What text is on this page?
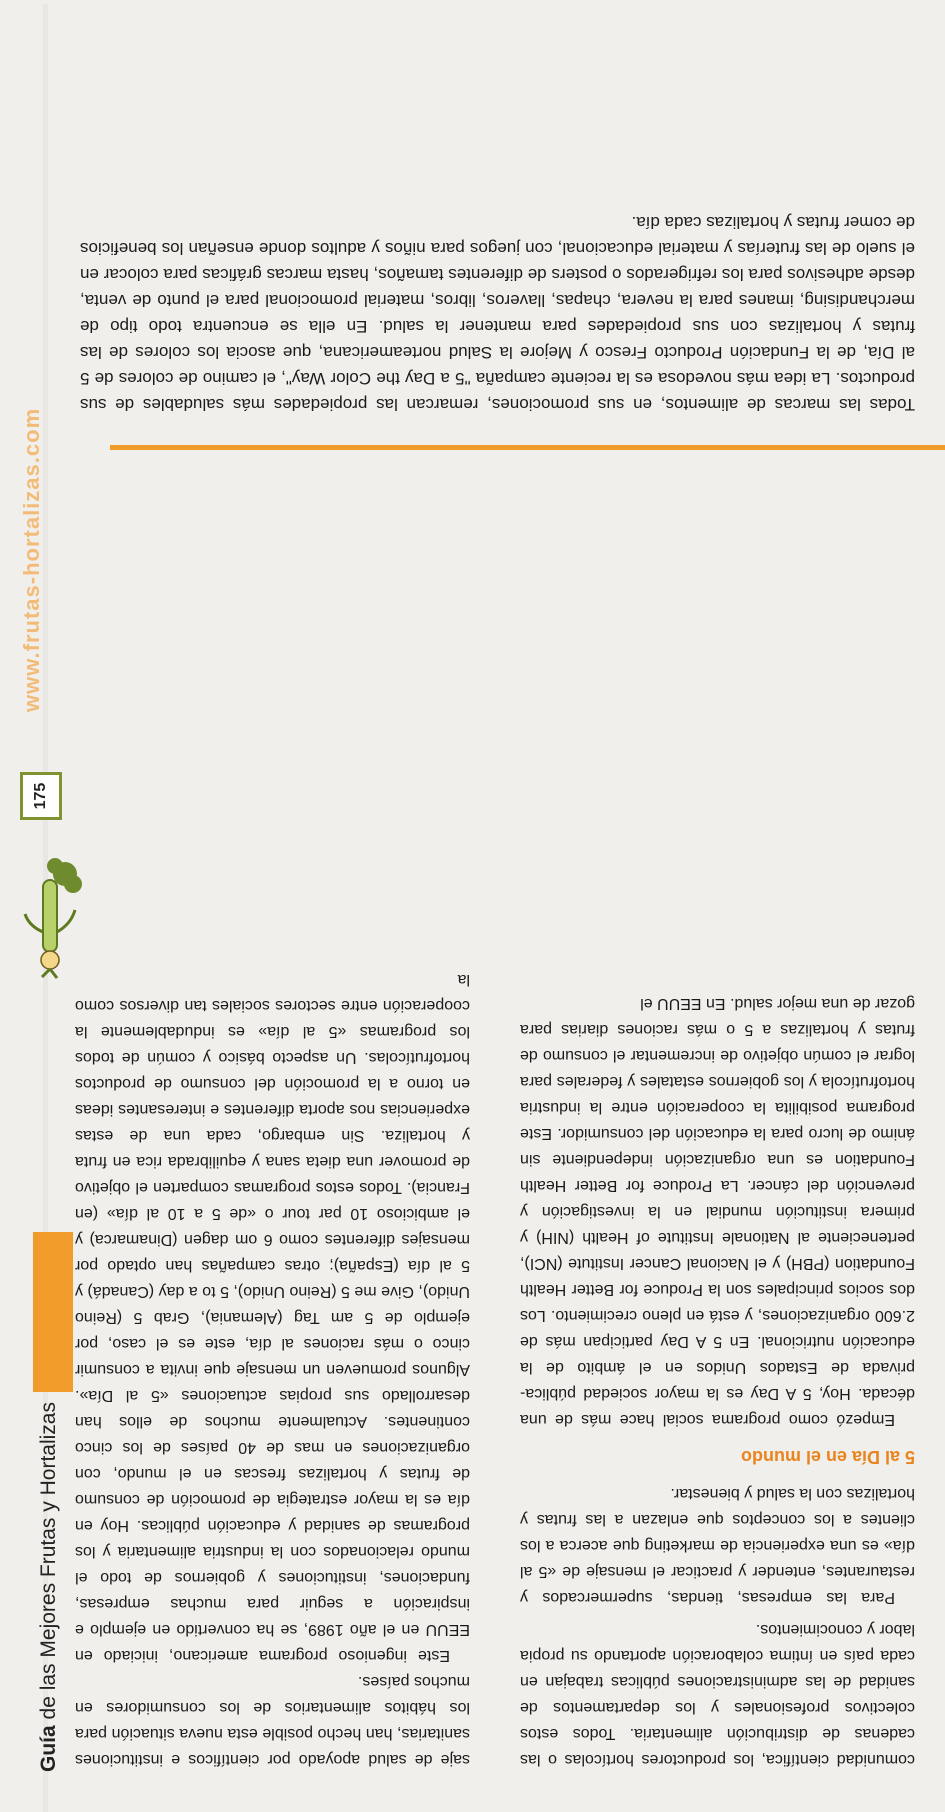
Guía de las Mejores Frutas y Hortalizas
175
www.frutas-hortalizas.com

saje de salud apoyado por científicos e instituciones sanitarias, han hecho posible esta nueva situación para los hábitos alimentarios de los consumidores en muchos países.

Este ingenioso programa americano, iniciado en EEUU en el año 1989, se ha convertido en ejemplo e inspiración a seguir para muchas empresas, fundaciones, instituciones y gobiernos de todo el mundo relacionados con la industria alimentaria y los programas de sanidad y educación públicas. Hoy en día es la mayor estrategia de promoción de consumo de frutas y hortalizas frescas en el mundo, con organizaciones en mas de 40 países de los cinco continentes. Actualmente muchos de ellos han desarrollado sus propias actuaciones «5 al Día». Algunos promueven un mensaje que invita a consumir cinco o más raciones al día, este es el caso, por ejemplo de 5 am Tag (Alemania), Grab 5 (Reino Unido), Give me 5 (Reino Unido), 5 to a day (Canadá) y 5 al día (España); otras campañas han optado por mensajes diferentes como 6 om dagen (Dinamarca) y el ambicioso 10 par tour o «de 5 a 10 al día» (en Francia). Todos estos programas comparten el objetivo de promover una dieta sana y equilibrada rica en fruta y hortaliza. Sin embargo, cada una de estas experiencias nos aporta diferentes e interesantes ideas en torno a la promoción del consumo de productos hortofrutícolas. Un aspecto básico y común de todos los programas «5 al día» es indudablemente la cooperación entre sectores sociales tan diversos como la

comunidad científica, los productores hortícolas o las cadenas de distribución alimentaria. Todos estos colectivos profesionales y los departamentos de sanidad de las administraciones públicas trabajan en cada país en íntima colaboración aportando su propia labor y conocimientos.

Para las empresas, tiendas, supermercados y restaurantes, entender y practicar el mensaje de «5 al día» es una experiencia de marketing que acerca a los clientes a los conceptos que enlazan a las frutas y hortalizas con la salud y bienestar.

5 al Día en el mundo

Empezó como programa social hace más de una década. Hoy, 5 A Day es la mayor sociedad pública-privada de Estados Unidos en el ámbito de la educación nutricional. En 5 A Day participan más de 2.600 organizaciones, y está en pleno crecimiento. Los dos socios principales son la Produce for Better Health Foundation (PBH) y el Nacional Cancer Institute (NCI), perteneciente al Nationale Institute of Health (NIH) y primera institución mundial en la investigación y prevención del cáncer. La Produce for Better Health Foundation es una organización independiente sin ánimo de lucro para la educación del consumidor. Este programa posibilita la cooperación entre la industria hortofrutícola y los gobiernos estatales y federales para lograr el común objetivo de incrementar el consumo de frutas y hortalizas a 5 o más raciones diarias para gozar de una mejor salud. En EEUU el

Todas las marcas de alimentos, en sus promociones, remarcan las propiedades más saludables de sus productos. La idea más novedosa es la reciente campaña "5 a Day the Color Way", el camino de colores de 5 al Día, de la Fundación Producto Fresco y Mejore la Salud norteamericana, que asocia los colores de las frutas y hortalizas con sus propiedades para mantener la salud. En ella se encuentra todo tipo de merchandising, imanes para la nevera, chapas, llaveros, libros, material promocional para el punto de venta, desde adhesivos para los refrigerados o posters de diferentes tamaños, hasta marcas gráficas para colocar en el suelo de las fruterías y material educacional, con juegos para niños y adultos donde enseñan los beneficios de comer frutas y hortalizas cada día.
